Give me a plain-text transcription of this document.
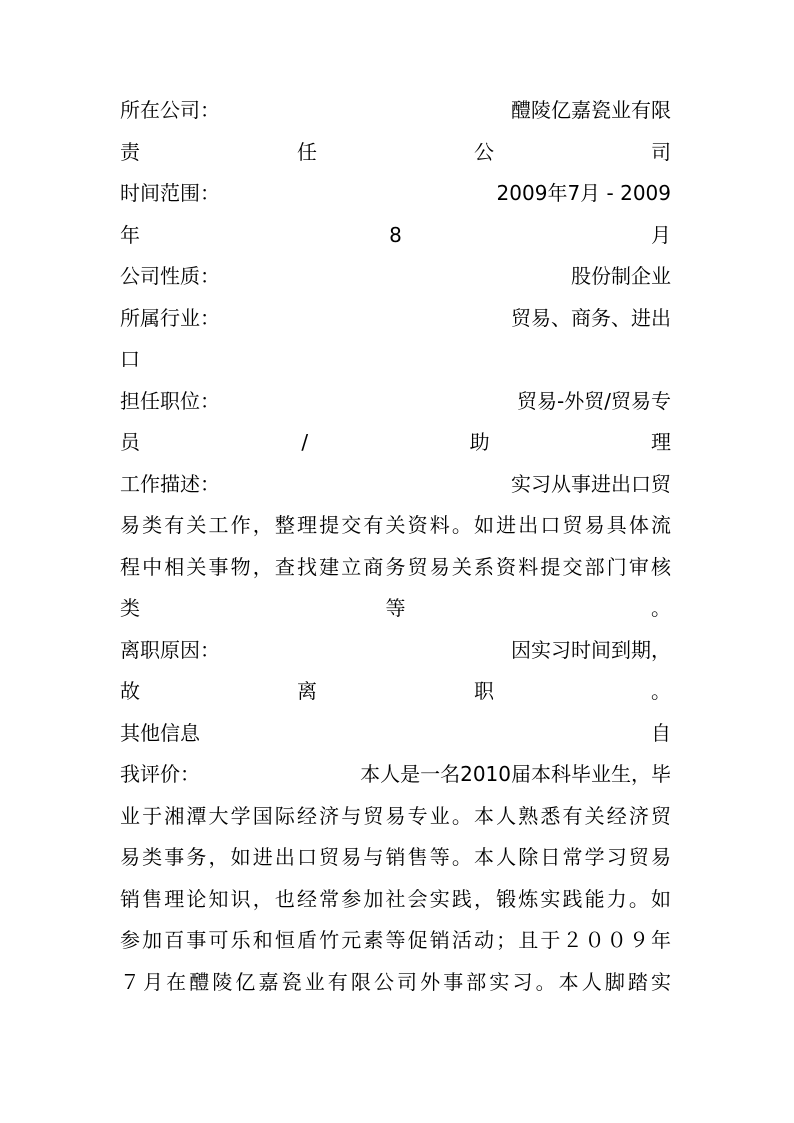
所在公司：	醴陵亿嘉瓷业有限
责	任	公	司
时间范围：	2009年7月 - 2009
年	8	月
公司性质：	股份制企业
所属行业：	贸易、商务、进出
口
担任职位：	贸易-外贸/贸易专
员	/	助	理
工作描述：	实习从事进出口贸
易类有关工作，整理提交有关资料。如进出口贸易具体流
程中相关事物，查找建立商务贸易关系资料提交部门审核
类	等	。
离职原因：	因实习时间到期，
故	离	职	。
其他信息	自
我评价：	本人是一名2010届本科毕业生，毕
业于湘潭大学国际经济与贸易专业。本人熟悉有关经济贸
易类事务，如进出口贸易与销售等。本人除日常学习贸易
销售理论知识，也经常参加社会实践，锻炼实践能力。如
参加百事可乐和恒盾竹元素等促销活动；且于２００９年
７月在醴陵亿嘉瓷业有限公司外事部实习。本人脚踏实
